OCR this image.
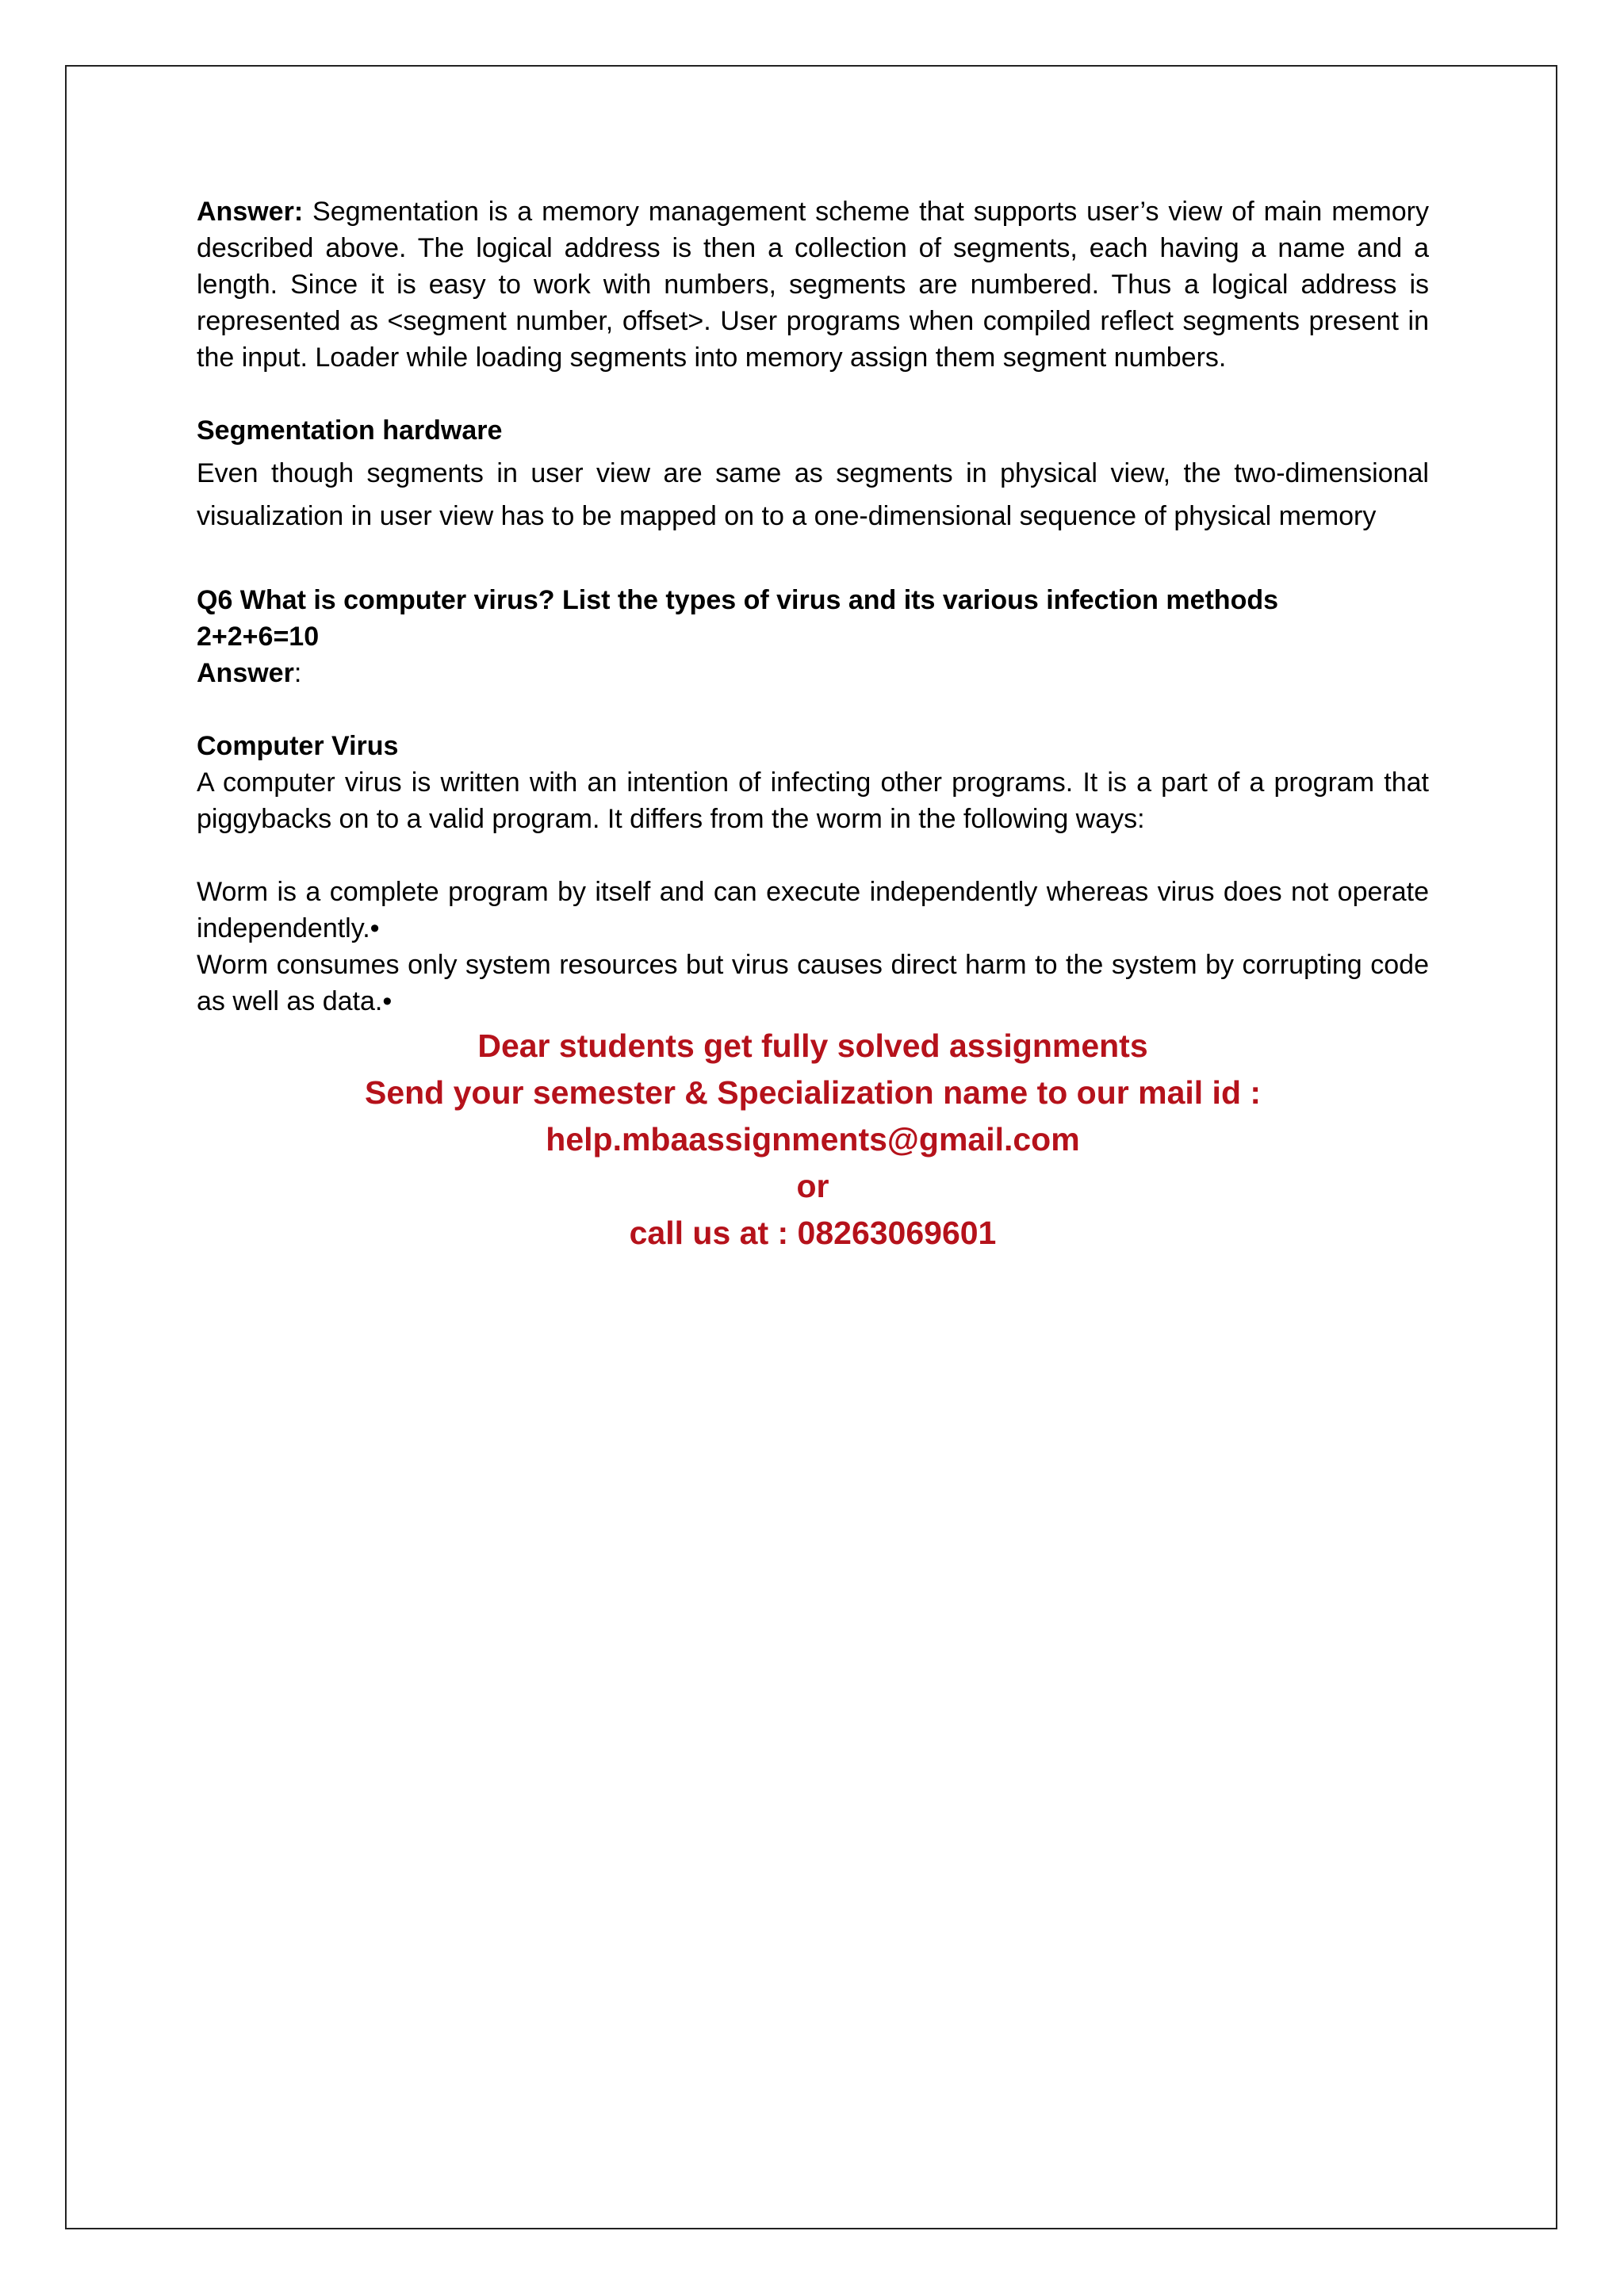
Answer: Segmentation is a memory management scheme that supports user’s view of main memory described above. The logical address is then a collection of segments, each having a name and a length. Since it is easy to work with numbers, segments are numbered. Thus a logical address is represented as <segment number, offset>. User programs when compiled reflect segments present in the input. Loader while loading segments into memory assign them segment numbers.

Segmentation hardware

Even though segments in user view are same as segments in physical view, the two-dimensional visualization in user view has to be mapped on to a one-dimensional sequence of physical memory

Q6 What is computer virus? List the types of virus and its various infection methods

2+2+6=10

Answer:

Computer Virus

A computer virus is written with an intention of infecting other programs. It is a part of a program that piggybacks on to a valid program. It differs from the worm in the following ways:

Worm is a complete program by itself and can execute independently whereas virus does not operate independently.•

Worm consumes only system resources but virus causes direct harm to the system by corrupting code as well as data.•

Dear students get fully solved assignments
Send your semester & Specialization name to our mail id :
help.mbaassignments@gmail.com
or
call us at : 08263069601
